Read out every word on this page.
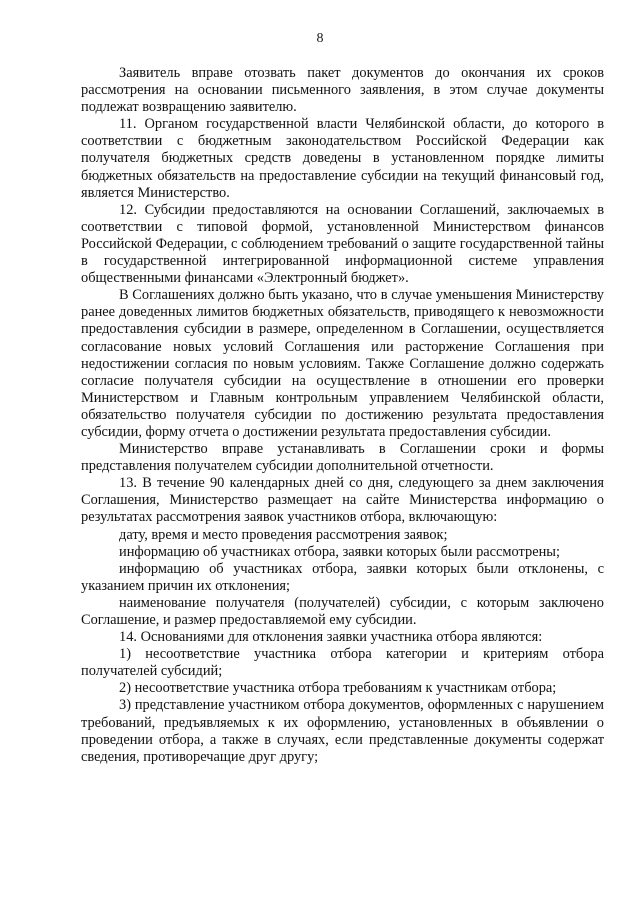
8

Заявитель вправе отозвать пакет документов до окончания их сроков рассмотрения на основании письменного заявления, в этом случае документы подлежат возвращению заявителю.

11. Органом государственной власти Челябинской области, до которого в соответствии с бюджетным законодательством Российской Федерации как получателя бюджетных средств доведены в установленном порядке лимиты бюджетных обязательств на предоставление субсидии на текущий финансовый год, является Министерство.

12. Субсидии предоставляются на основании Соглашений, заключаемых в соответствии с типовой формой, установленной Министерством финансов Российской Федерации, с соблюдением требований о защите государственной тайны в государственной интегрированной информационной системе управления общественными финансами «Электронный бюджет».

В Соглашениях должно быть указано, что в случае уменьшения Министерству ранее доведенных лимитов бюджетных обязательств, приводящего к невозможности предоставления субсидии в размере, определенном в Соглашении, осуществляется согласование новых условий Соглашения или расторжение Соглашения при недостижении согласия по новым условиям. Также Соглашение должно содержать согласие получателя субсидии на осуществление в отношении его проверки Министерством и Главным контрольным управлением Челябинской области, обязательство получателя субсидии по достижению результата предоставления субсидии, форму отчета о достижении результата предоставления субсидии.

Министерство вправе устанавливать в Соглашении сроки и формы представления получателем субсидии дополнительной отчетности.

13. В течение 90 календарных дней со дня, следующего за днем заключения Соглашения, Министерство размещает на сайте Министерства информацию о результатах рассмотрения заявок участников отбора, включающую:

дату, время и место проведения рассмотрения заявок;

информацию об участниках отбора, заявки которых были рассмотрены;

информацию об участниках отбора, заявки которых были отклонены, с указанием причин их отклонения;

наименование получателя (получателей) субсидии, с которым заключено Соглашение, и размер предоставляемой ему субсидии.

14. Основаниями для отклонения заявки участника отбора являются:

1) несоответствие участника отбора категории и критериям отбора получателей субсидий;

2) несоответствие участника отбора требованиям к участникам отбора;

3) представление участником отбора документов, оформленных с нарушением требований, предъявляемых к их оформлению, установленных в объявлении о проведении отбора, а также в случаях, если представленные документы содержат сведения, противоречащие друг другу;
